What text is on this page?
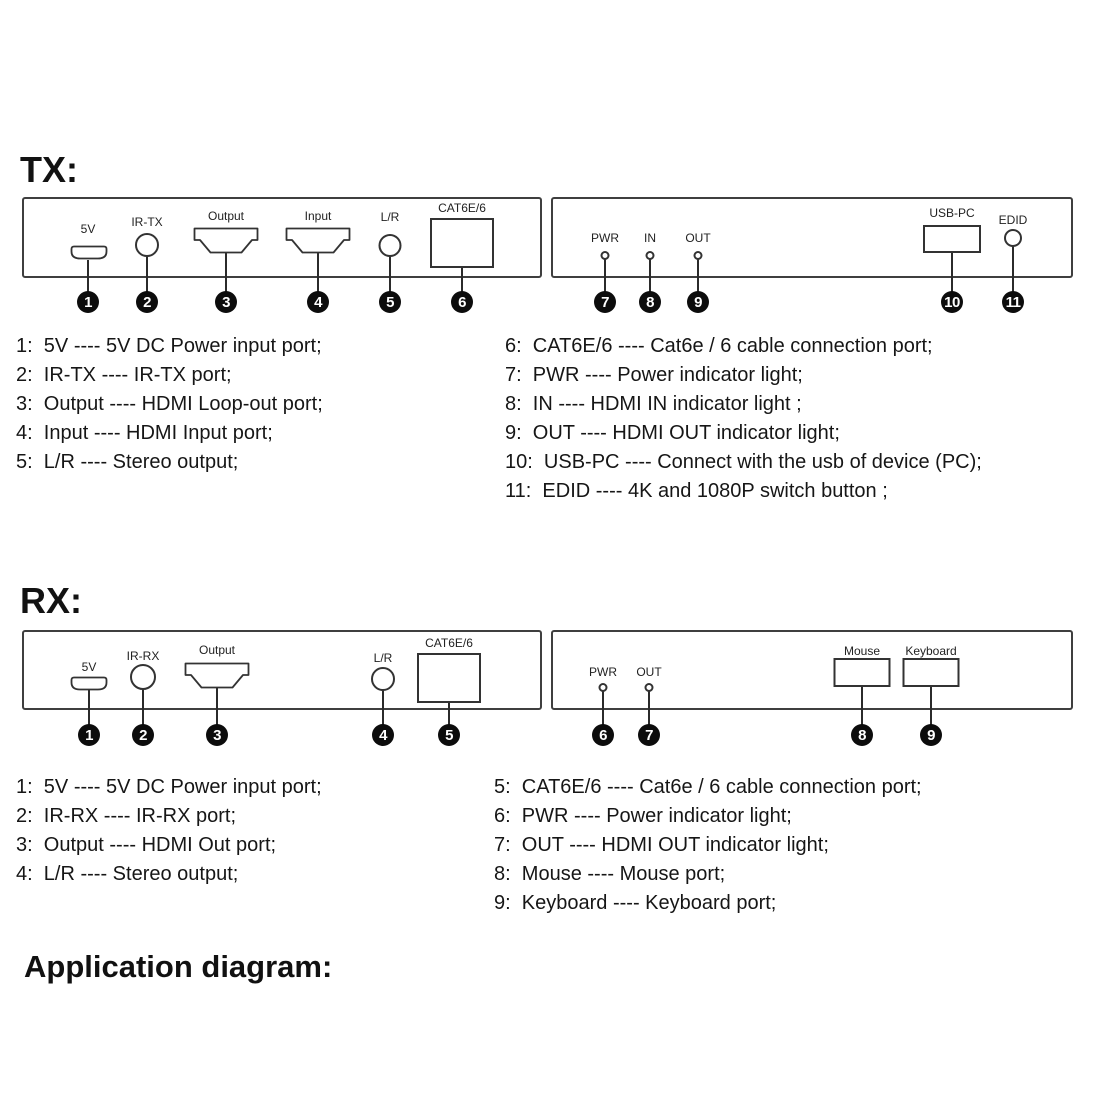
TX:
5V	IR-TX	Output	Input	L/R
CAT6E/6
PWR IN OUT
USB-PC EDID
1	2	3	4	5	6	7	8	9	10	11
1:  5V ---- 5V DC Power input port;
2:  IR-TX ---- IR-TX port;
3:  Output ---- HDMI Loop-out port;
4:  Input ---- HDMI Input port;
5:  L/R ---- Stereo output;
6:  CAT6E/6 ---- Cat6e / 6 cable connection port;
7:  PWR ---- Power indicator light;
8:  IN ---- HDMI IN indicator light ;
9:  OUT ---- HDMI OUT indicator light;
10:  USB-PC ---- Connect with the usb of device (PC);
11:  EDID ---- 4K and 1080P switch button ;
RX:
5V
IR-RX	Output
L/R
CAT6E/6
PWR OUT
Mouse Keyboard
1	2	3	4	5	6	7	8	9
1:  5V ---- 5V DC Power input port;
2:  IR-RX ---- IR-RX port;
3:  Output ---- HDMI Out port;
4:  L/R ---- Stereo output;
5:  CAT6E/6 ---- Cat6e / 6 cable connection port;
6:  PWR ---- Power indicator light;
7:  OUT ---- HDMI OUT indicator light;
8:  Mouse ---- Mouse port;
9:  Keyboard ---- Keyboard port;
Application diagram:
